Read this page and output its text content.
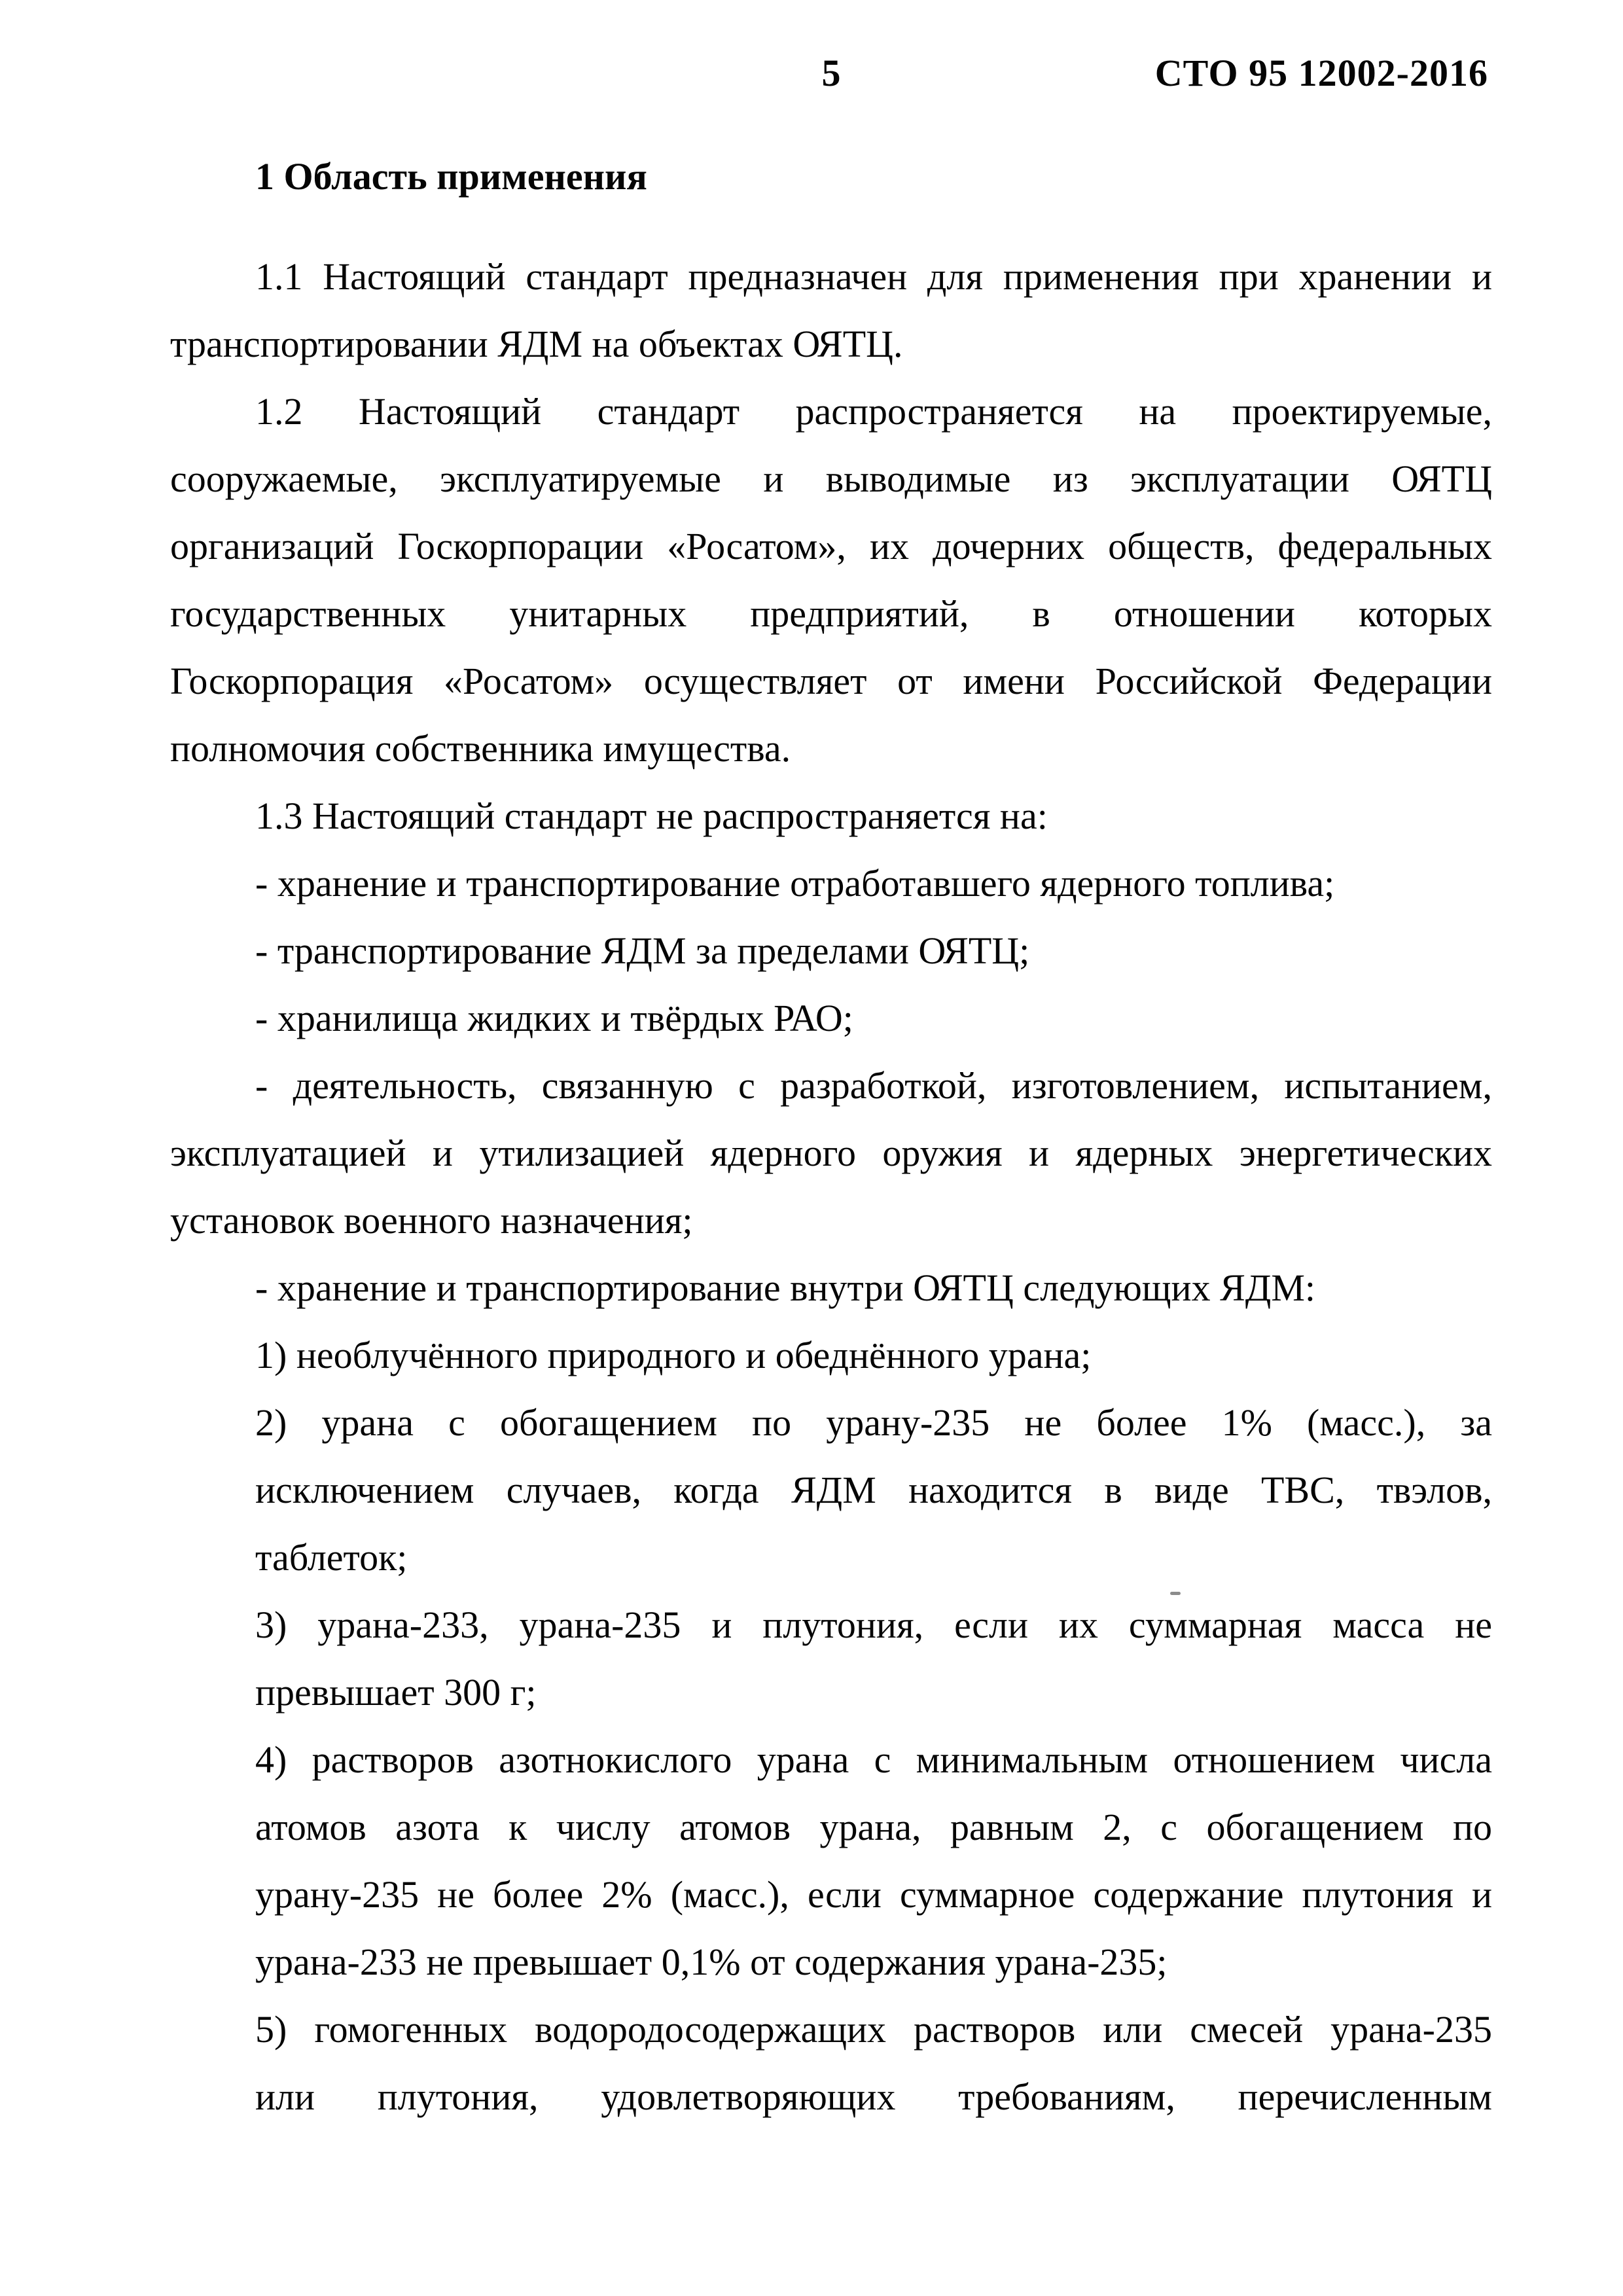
5	СТО 95 12002-2016
1 Область применения
1.1 Настоящий стандарт предназначен для применения при хранении и
транспортировании ЯДМ на объектах ОЯТЦ.
1.2 Настоящий стандарт распространяется на проектируемые,
сооружаемые, эксплуатируемые и выводимые из эксплуатации ОЯТЦ
организаций Госкорпорации «Росатом», их дочерних обществ, федеральных
государственных унитарных предприятий, в отношении которых
Госкорпорация «Росатом» осуществляет от имени Российской Федерации
полномочия собственника имущества.
1.3 Настоящий стандарт не распространяется на:
- хранение и транспортирование отработавшего ядерного топлива;
- транспортирование ЯДМ за пределами ОЯТЦ;
- хранилища жидких и твёрдых РАО;
- деятельность, связанную с разработкой, изготовлением, испытанием,
эксплуатацией и утилизацией ядерного оружия и ядерных энергетических
установок военного назначения;
- хранение и транспортирование внутри ОЯТЦ следующих ЯДМ:
1) необлучённого природного и обеднённого урана;
2) урана с обогащением по урану-235 не более 1% (масс.), за
исключением случаев, когда ЯДМ находится в виде ТВС, твэлов,
таблеток;
3) урана-233, урана-235 и плутония, если их суммарная масса не
превышает 300 г;
4) растворов азотнокислого урана с минимальным отношением числа
атомов азота к числу атомов урана, равным 2, с обогащением по
урану-235 не более 2% (масс.), если суммарное содержание плутония и
урана-233 не превышает 0,1% от содержания урана-235;
5) гомогенных водородосодержащих растворов или смесей урана-235
или плутония, удовлетворяющих требованиям, перечисленным
